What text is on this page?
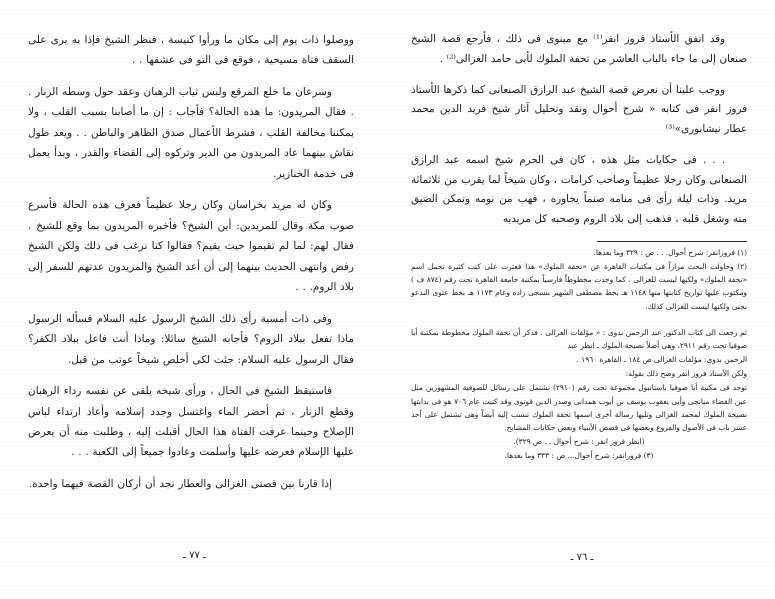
وقد اتفق الأستاذ فروز انفر⁽¹⁾ مع مينوى فى ذلك ، فأرجع قصة الشيخ صنعان إلى ما جاء بالباب العاشر من تحفة الملوك لأبى حامد الغزالى⁽²⁾ .

ووجب علينا أن نعرض قصة الشيخ عبد الرازق الصنعانى كما ذكرها الأستاذ فروز انفر فى كتابه « شرح أحوال ونقد وتحليل آثار شيخ فريد الدين محمد عطار نيشابورى»⁽³⁾

. . . فى حكايات مثل هذه ، كان فى الحرم شيخ اسمه عبد الرازق الصنعانى وكان رجلا عظيماً وصاحب كرامات ، وكان شيخاً لما يقرب من ثلاثمائة مريد. وذات ليلة رأى فى منامه صنماً يجاوره ، فهب من نومه وتمكن الضيق منه وشغل قلبه ، فذهب إلى بلاد الروم وصحبه كل مريديه

(١) فروزانفر: شرح أحوال. . . ص : ٣٢٩ وما بعدها.

(٢) وحاولت البحث مراراً فى مكتبات القاهرة عن «تحفة الملوك» هذا فعثرت على كتب كثيرة تحمل اسم «تحفة الملوك» ولكنها ليست للغزالى . كما وجدت مخطوطاً فارسياً بمكتبة جامعة القاهرة تحت رقم (٨٧٤ ف ) ومكتوب عليها تواريخ كتابتها منها ١١٤٨ هـ بخط مصطفى الشهير بنسجى زاده وعام ١١٧٣ هـ بخط عثوى الندعو نجنى ولكنها ليست للغزالى كذلك.

ثم رجعت الى كتاب الدكتور عبد الرحمن بدوى : « مؤلفات الغزالى . فذكر أن تحفة الملوك مخطوطة بمكتبة أيا صوفيا تحت رقم ٢٩١١، وهى أصلاً نصيحة الملوك ـ انظر عبد

الرحمن بدوى: مؤلفات الغزالى ص ١٨٤ ـ القاهرة ١٩٦٠ .

ولكن الأستاذ فروز انفر وضح ذلك بقوله:

توجد فى مكتبة أيا صوفيا باستانبول مجموعة تحت رقم (٢٩١٠) تشتمل على رسائل للصوفية المشهورين مثل عين القضاء ميانجى وأبى يعقوب يوسف بن أيوب همدانى وصدر الدين قونوى وقد كتبت عام ٧٠٦ هو فى بدايتها نصيحة الملوك لمحمد الغزالى وتليها رسالة أخرى اسمها تحفة الملوك تنسب إليه أيضاً وهى تشتمل على أحد عشر باب فى الأصول والفروع وبعضها فى قصص الأنبياء وبعض حكايات المشايخ.

(انظر فروز انفر : شرح أحوال . . ص ٣٢٩).

(٣) فروزانفر: شرح أحوال... ص : ٣٣٣ وما بعدها.

ـ ٧٦ ـ

ووصلوا ذات يوم إلى مكان ما ورأوا كنيسة ، فنظر الشيخ فإذا به يرى على السقف فتاة مسيحية ، فوقع فى التو فى عشقها . .

وسرعان ما خلع المرقع ولبس ثياب الرهبان وعقد حول وسطه الزنار . . فقال المريدون: ما هذه الحالة؟ فأجاب : إن ما أصابنا بسبب القلب ، ولا يمكننا مخالفة القلب ، فشرط الأعمال صدق الظاهر والباطن . . ويعد طول نقاش بينهما عاد المريدون من الدير وتركوه إلى القضاء والقدر ، وبدأ يعمل فى خدمة الخنازير.

وكان له مريد بخراسان وكان رجلا عظيماً فعرف هذه الحالة فأسرع صوب مكة وقال للمريدين: أين الشيخ؟ فأخبره المريدون بما وقع للشيخ . فقال لهم: لما لم تقيموا حيث يقيم؟ فقالوا كنا نرغب فى ذلك ولكن الشيخ رفض وانتهى الحديث بينهما إلى أن أعد الشيخ والمريدون عدتهم للسفر إلى بلاد الروم. . .

وفى ذات أمسية رأى ذلك الشيخ الرسول عليه السلام فسأله الرسول ماذا تفعل ببلاد الروم؟ فأجابه الشيخ سائلا: وماذا أنت فاعل ببلاد الكفر؟ فقال الرسول عليه السلام: جئت لكى أخلص شيخاً عوتب من قبل.

فاستيقظ الشيخ فى الحال ، ورأى شيخه يلقى عن نفسه رداء الرهبان وقطع الزنار ، ثم أحضر الماء واغتسل وجدد إسلامه وأعاد ارتداء لباس الإصلاح وحينما عرفت الفتاة هذا الحال أقبلت إليه ، وطلبت منه أن يعرض عليها الإسلام فعرضه عليها وأسلمت وعادوا جميعاً إلى الكعبة . . .

إذا قارنا بين قصتى الغزالى والعطار نجد أن أركان القصة فيهما واحدة.

ـ ٧٧ ـ
